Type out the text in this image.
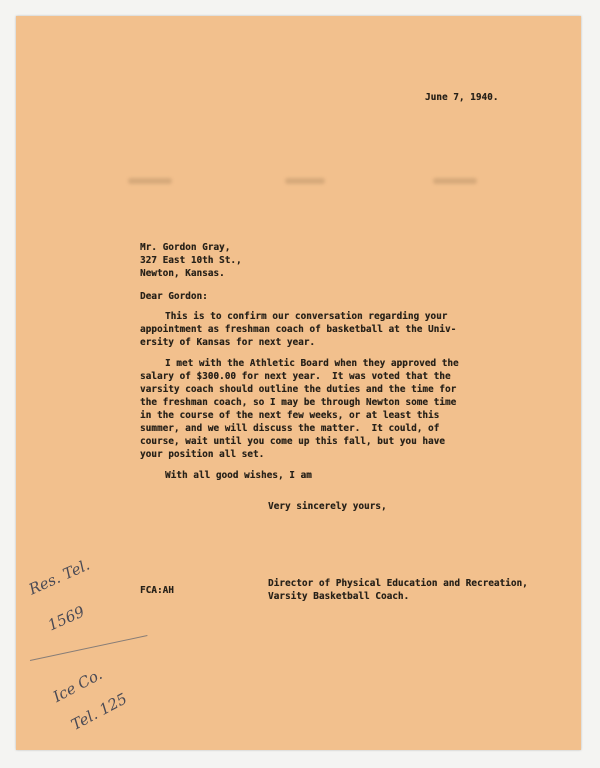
June 7, 1940.
Mr. Gordon Gray,
327 East 10th St.,
Newton, Kansas.
Dear Gordon:
This is to confirm our conversation regarding your
appointment as freshman coach of basketball at the Univ-
ersity of Kansas for next year.
I met with the Athletic Board when they approved the
salary of $300.00 for next year.  It was voted that the
varsity coach should outline the duties and the time for
the freshman coach, so I may be through Newton some time
in the course of the next few weeks, or at least this
summer, and we will discuss the matter.  It could, of
course, wait until you come up this fall, but you have
your position all set.
With all good wishes, I am
Very sincerely yours,
FCA:AH
Director of Physical Education and Recreation,
Varsity Basketball Coach.
Res. Tel.
1569
Ice Co.
Tel. 125
